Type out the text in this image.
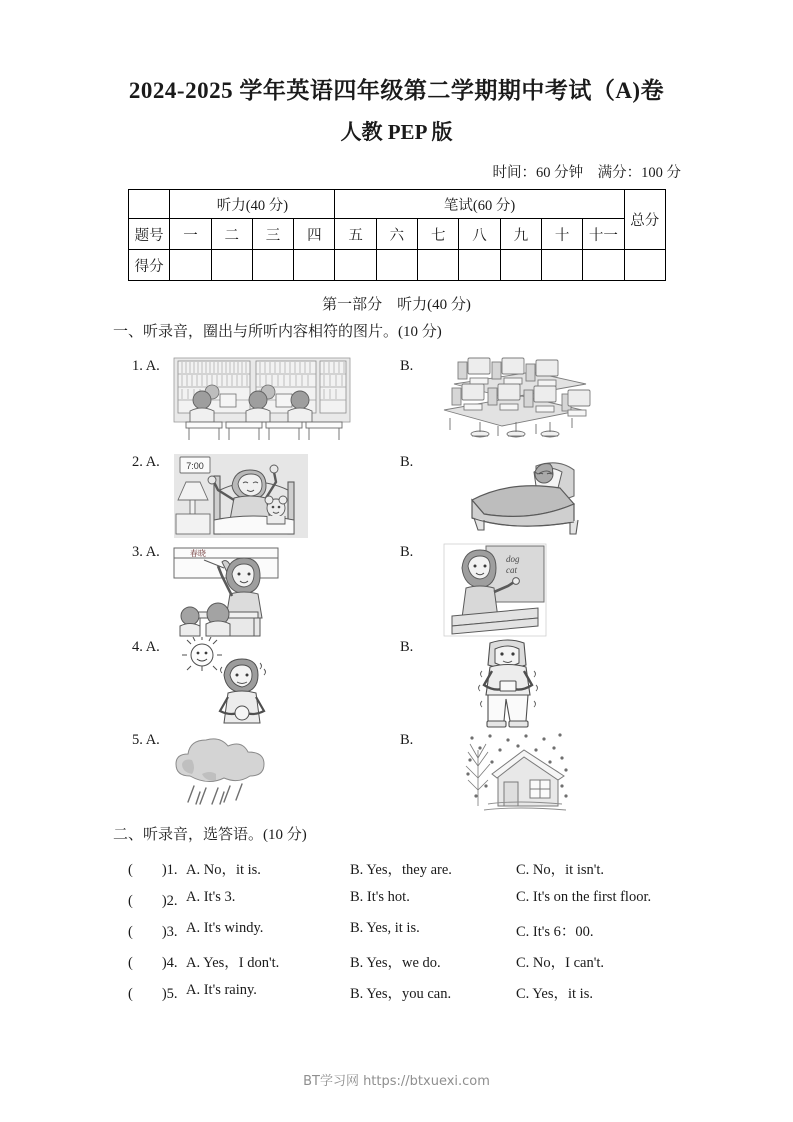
2024-2025 学年英语四年级第二学期期中考试（A)卷
人教 PEP 版
时间：60 分钟　满分：100 分
	听力(40 分)				笔试(60 分)							总分
题号	一	二	三	四	五	六	七	八	九	十	十一	
得分												
第一部分　听力(40 分)
一、听录音，圈出与所听内容相符的图片。(10 分)
1. A.	B.
2. A.	7:00	B.
3. A.	春晓	B.	dog
cat
4. A.	B.
5. A.	B.
二、听录音，选答语。(10 分)
(　　)1. A. No，it is.	B. Yes，they are.	C. No，it isn't.
(　　)2. A. It's 3.	B. It's hot.	C. It's on the first floor.
(　　)3. A. It's windy.	B. Yes, it is.	C. It's 6：00.
(　　)4. A. Yes，I don't.	B. Yes，we do.	C. No，I can't.
(　　)5. A. It's rainy.	B. Yes，you can.	C. Yes，it is.
BT学习网 https://btxuexi.com
